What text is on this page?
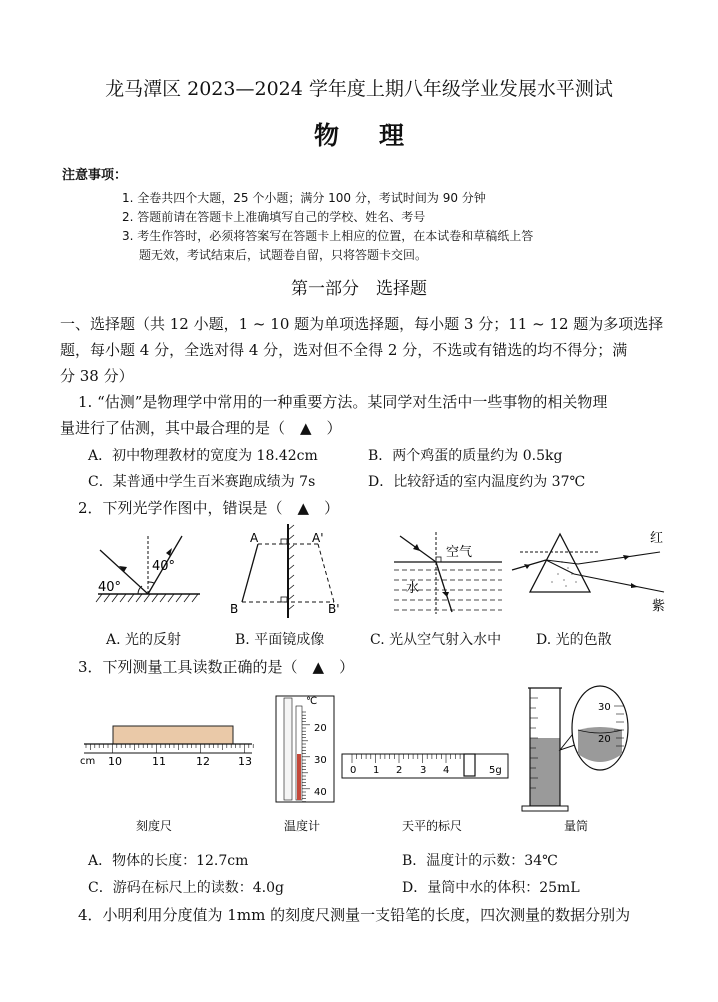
龙马潭区 2023—2024 学年度上期八年级学业发展水平测试
物理
注意事项：
1. 全卷共四个大题，25 个小题；满分 100 分，考试时间为 90 分钟
2. 答题前请在答题卡上准确填写自己的学校、姓名、考号
3. 考生作答时，必须将答案写在答题卡上相应的位置，在本试卷和草稿纸上答
题无效，考试结束后，试题卷自留，只将答题卡交回。
第一部分　选择题
一、选择题（共 12 小题，1 ~ 10 题为单项选择题，每小题 3 分；11 ~ 12 题为多项选择
题，每小题 4 分，全选对得 4 分，选对但不全得 2 分，不选或有错选的均不得分；满
分 38 分）
1. “估测”是物理学中常用的一种重要方法。某同学对生活中一些事物的相关物理
量进行了估测，其中最合理的是（　▲　）
A．初中物理教材的宽度为 18.42cm	B．两个鸡蛋的质量约为 0.5kg
C．某普通中学生百米赛跑成绩为 7s	D．比较舒适的室内温度约为 37℃
2．下列光学作图中，错误是（　▲　）
40°
40°
A	A'
B	B'
空气
水
红
紫
A. 光的反射	B. 平面镜成像	C. 光从空气射入水中 D. 光的色散
3．下列测量工具读数正确的是（　▲　）
cm 10	11	12	13
刻度尺
℃
20
30
40
温度计
0 1 2 3 4	5g
天平的标尺
30
20
量筒
A．物体的长度：12.7cm	B．温度计的示数：34℃
C．游码在标尺上的读数：4.0g	D．量筒中水的体积：25mL
4．小明利用分度值为 1mm 的刻度尺测量一支铅笔的长度，四次测量的数据分别为
